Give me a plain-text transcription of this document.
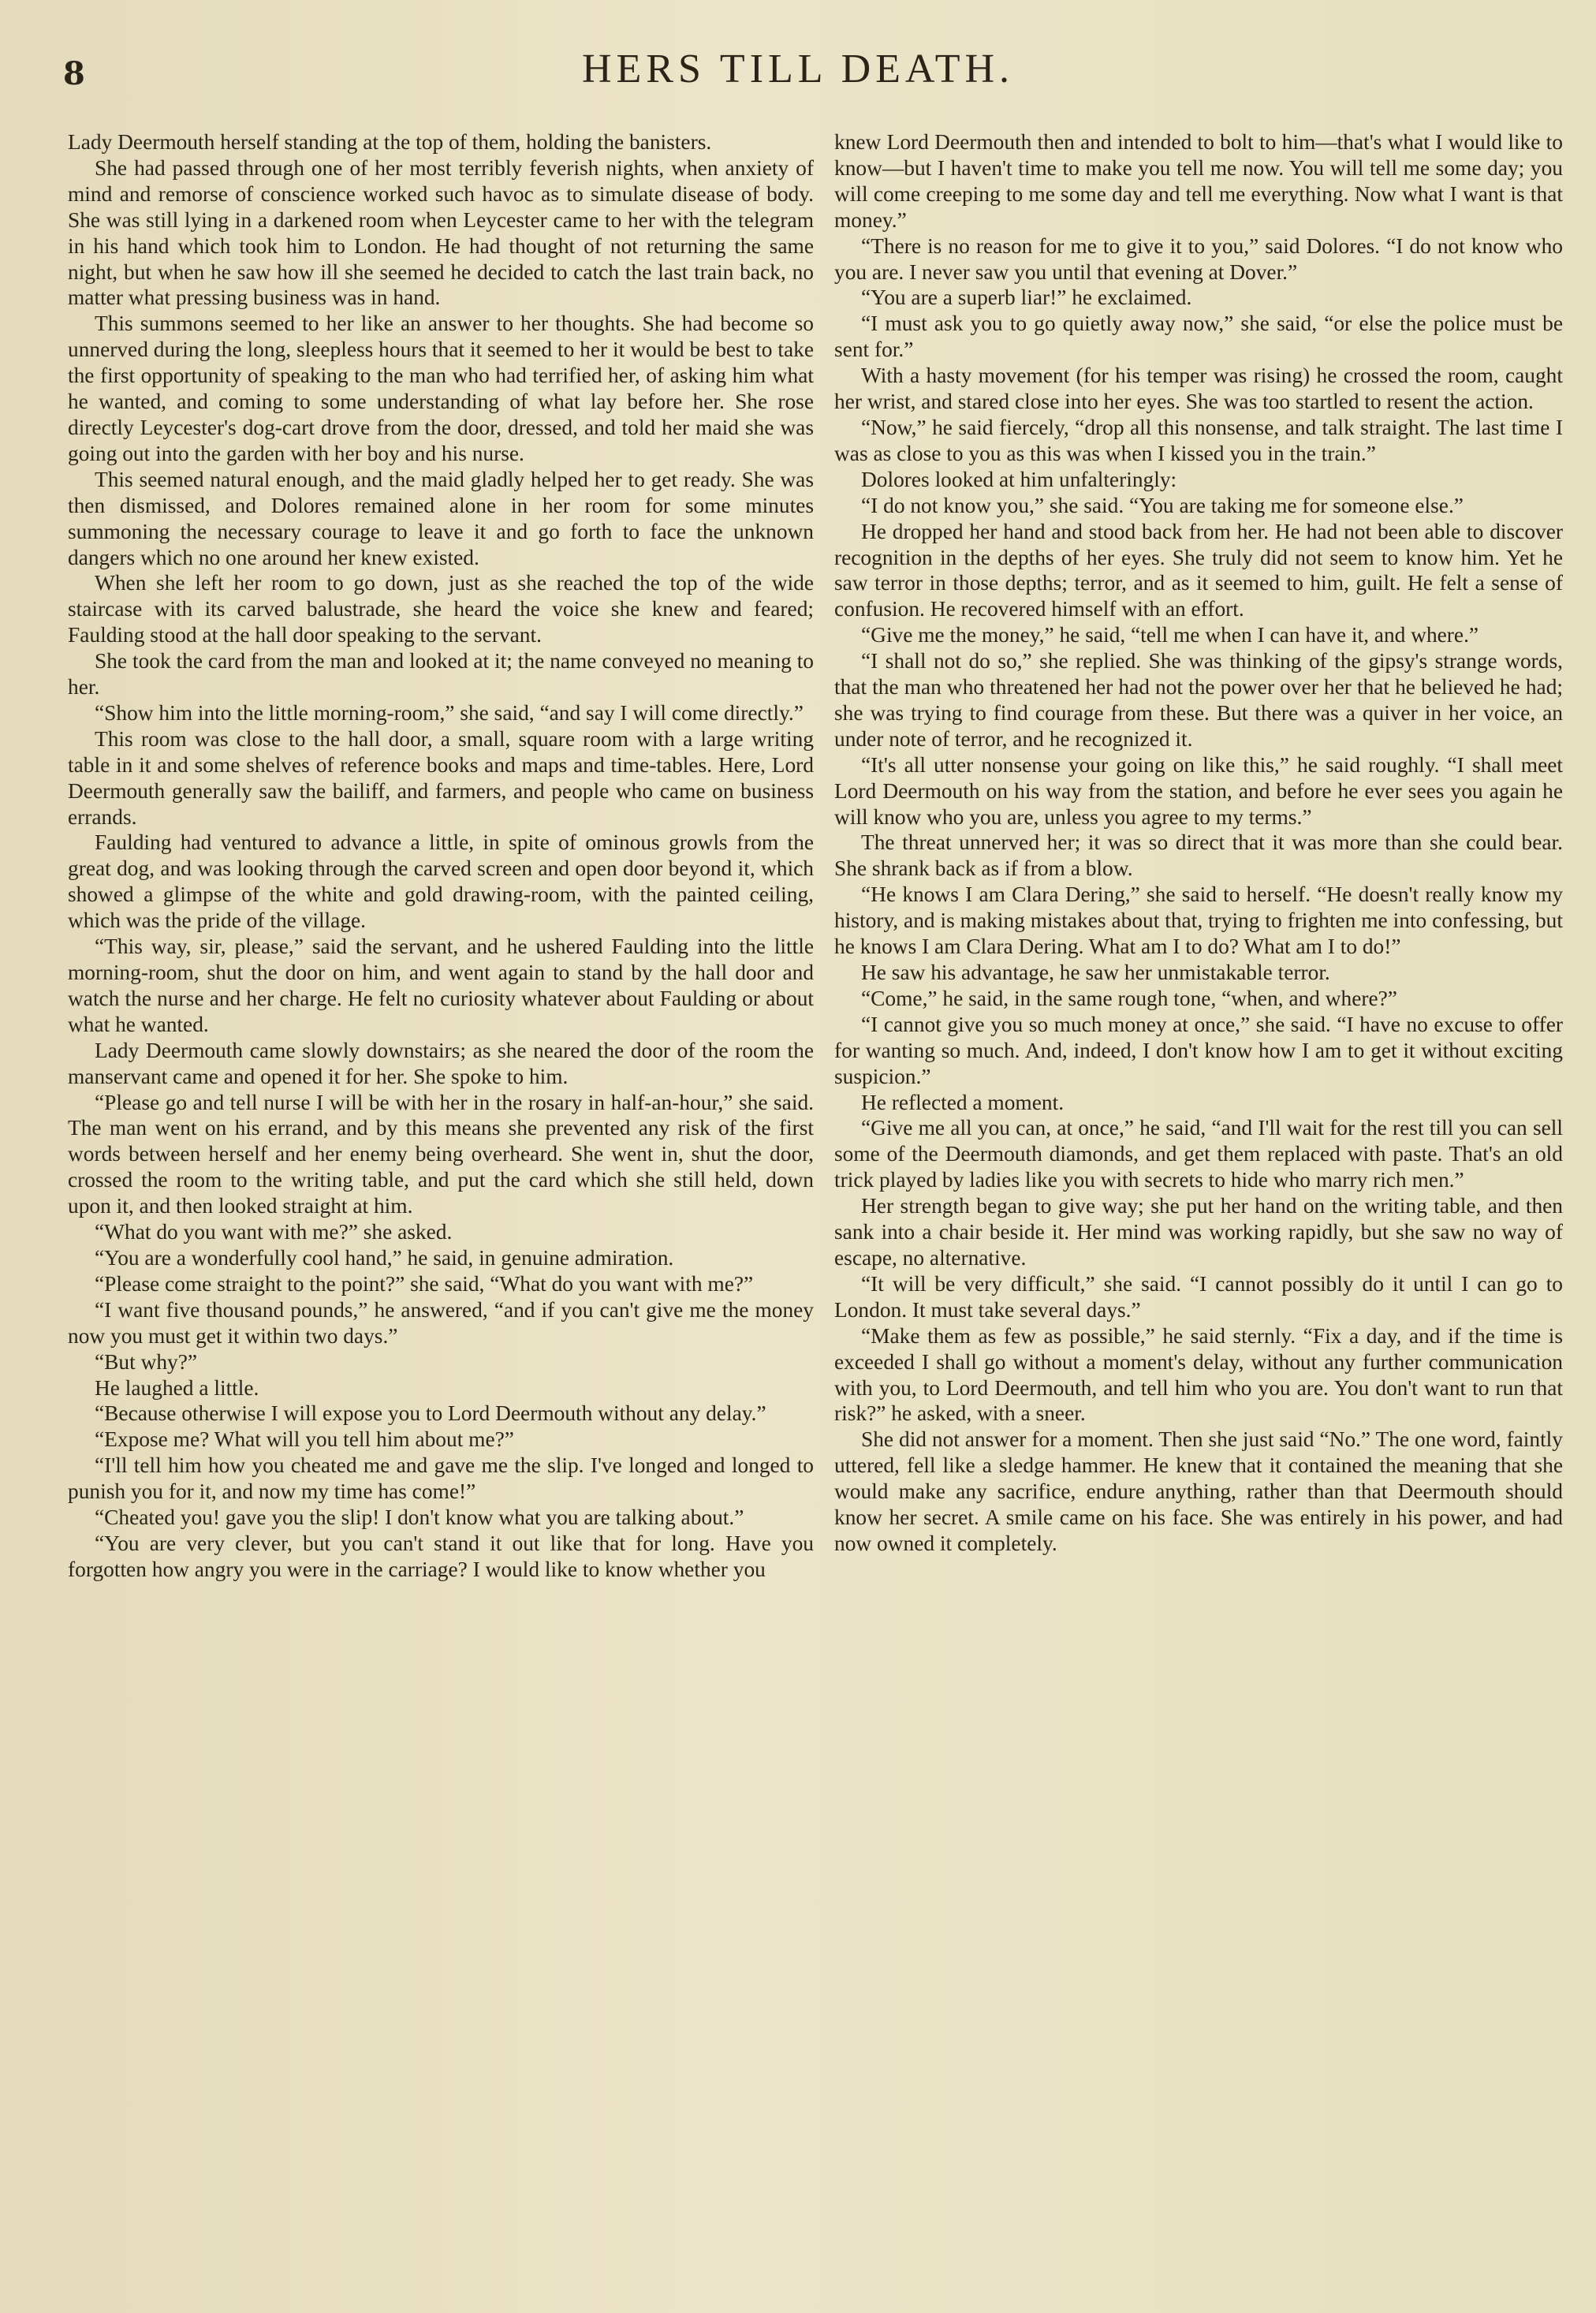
8	HERS TILL DEATH.

Lady Deermouth herself standing at the top of them, holding the banisters.

She had passed through one of her most terribly feverish nights, when anxiety of mind and remorse of conscience worked such havoc as to simulate disease of body. She was still lying in a darkened room when Leycester came to her with the telegram in his hand which took him to London. He had thought of not returning the same night, but when he saw how ill she seemed he decided to catch the last train back, no matter what pressing business was in hand.

This summons seemed to her like an answer to her thoughts. She had become so unnerved during the long, sleepless hours that it seemed to her it would be best to take the first opportunity of speaking to the man who had terrified her, of asking him what he wanted, and coming to some understanding of what lay before her. She rose directly Leycester's dog-cart drove from the door, dressed, and told her maid she was going out into the garden with her boy and his nurse.

This seemed natural enough, and the maid gladly helped her to get ready. She was then dismissed, and Dolores remained alone in her room for some minutes summoning the necessary courage to leave it and go forth to face the unknown dangers which no one around her knew existed.

When she left her room to go down, just as she reached the top of the wide staircase with its carved balustrade, she heard the voice she knew and feared; Faulding stood at the hall door speaking to the servant.

She took the card from the man and looked at it; the name conveyed no meaning to her.

“Show him into the little morning-room,” she said, “and say I will come directly.”

This room was close to the hall door, a small, square room with a large writing table in it and some shelves of reference books and maps and time-tables. Here, Lord Deermouth generally saw the bailiff, and farmers, and people who came on business errands.

Faulding had ventured to advance a little, in spite of ominous growls from the great dog, and was looking through the carved screen and open door beyond it, which showed a glimpse of the white and gold drawing-room, with the painted ceiling, which was the pride of the village.

“This way, sir, please,” said the servant, and he ushered Faulding into the little morning-room, shut the door on him, and went again to stand by the hall door and watch the nurse and her charge. He felt no curiosity whatever about Faulding or about what he wanted.

Lady Deermouth came slowly downstairs; as she neared the door of the room the manservant came and opened it for her. She spoke to him.

“Please go and tell nurse I will be with her in the rosary in half-an-hour,” she said. The man went on his errand, and by this means she prevented any risk of the first words between herself and her enemy being overheard. She went in, shut the door, crossed the room to the writing table, and put the card which she still held, down upon it, and then looked straight at him.

“What do you want with me?” she asked.

“You are a wonderfully cool hand,” he said, in genuine admiration.

“Please come straight to the point?” she said, “What do you want with me?”

“I want five thousand pounds,” he answered, “and if you can't give me the money now you must get it within two days.”

“But why?”

He laughed a little.

“Because otherwise I will expose you to Lord Deermouth without any delay.”

“Expose me? What will you tell him about me?”

“I'll tell him how you cheated me and gave me the slip. I've longed and longed to punish you for it, and now my time has come!”

“Cheated you! gave you the slip! I don't know what you are talking about.”

“You are very clever, but you can't stand it out like that for long. Have you forgotten how angry you were in the carriage? I would like to know whether you

knew Lord Deermouth then and intended to bolt to him—that's what I would like to know—but I haven't time to make you tell me now. You will tell me some day; you will come creeping to me some day and tell me everything. Now what I want is that money.”

“There is no reason for me to give it to you,” said Dolores. “I do not know who you are. I never saw you until that evening at Dover.”

“You are a superb liar!” he exclaimed.

“I must ask you to go quietly away now,” she said, “or else the police must be sent for.”

With a hasty movement (for his temper was rising) he crossed the room, caught her wrist, and stared close into her eyes. She was too startled to resent the action.

“Now,” he said fiercely, “drop all this nonsense, and talk straight. The last time I was as close to you as this was when I kissed you in the train.”

Dolores looked at him unfalteringly:

“I do not know you,” she said. “You are taking me for someone else.”

He dropped her hand and stood back from her. He had not been able to discover recognition in the depths of her eyes. She truly did not seem to know him. Yet he saw terror in those depths; terror, and as it seemed to him, guilt. He felt a sense of confusion. He recovered himself with an effort.

“Give me the money,” he said, “tell me when I can have it, and where.”

“I shall not do so,” she replied. She was thinking of the gipsy's strange words, that the man who threatened her had not the power over her that he believed he had; she was trying to find courage from these. But there was a quiver in her voice, an under note of terror, and he recognized it.

“It's all utter nonsense your going on like this,” he said roughly. “I shall meet Lord Deermouth on his way from the station, and before he ever sees you again he will know who you are, unless you agree to my terms.”

The threat unnerved her; it was so direct that it was more than she could bear. She shrank back as if from a blow.

“He knows I am Clara Dering,” she said to herself. “He doesn't really know my history, and is making mistakes about that, trying to frighten me into confessing, but he knows I am Clara Dering. What am I to do? What am I to do!”

He saw his advantage, he saw her unmistakable terror.

“Come,” he said, in the same rough tone, “when, and where?”

“I cannot give you so much money at once,” she said. “I have no excuse to offer for wanting so much. And, indeed, I don't know how I am to get it without exciting suspicion.”

He reflected a moment.

“Give me all you can, at once,” he said, “and I'll wait for the rest till you can sell some of the Deermouth diamonds, and get them replaced with paste. That's an old trick played by ladies like you with secrets to hide who marry rich men.”

Her strength began to give way; she put her hand on the writing table, and then sank into a chair beside it. Her mind was working rapidly, but she saw no way of escape, no alternative.

“It will be very difficult,” she said. “I cannot possibly do it until I can go to London. It must take several days.”

“Make them as few as possible,” he said sternly. “Fix a day, and if the time is exceeded I shall go without a moment's delay, without any further communication with you, to Lord Deermouth, and tell him who you are. You don't want to run that risk?” he asked, with a sneer.

She did not answer for a moment. Then she just said “No.” The one word, faintly uttered, fell like a sledge hammer. He knew that it contained the meaning that she would make any sacrifice, endure anything, rather than that Deermouth should know her secret. A smile came on his face. She was entirely in his power, and had now owned it completely.
